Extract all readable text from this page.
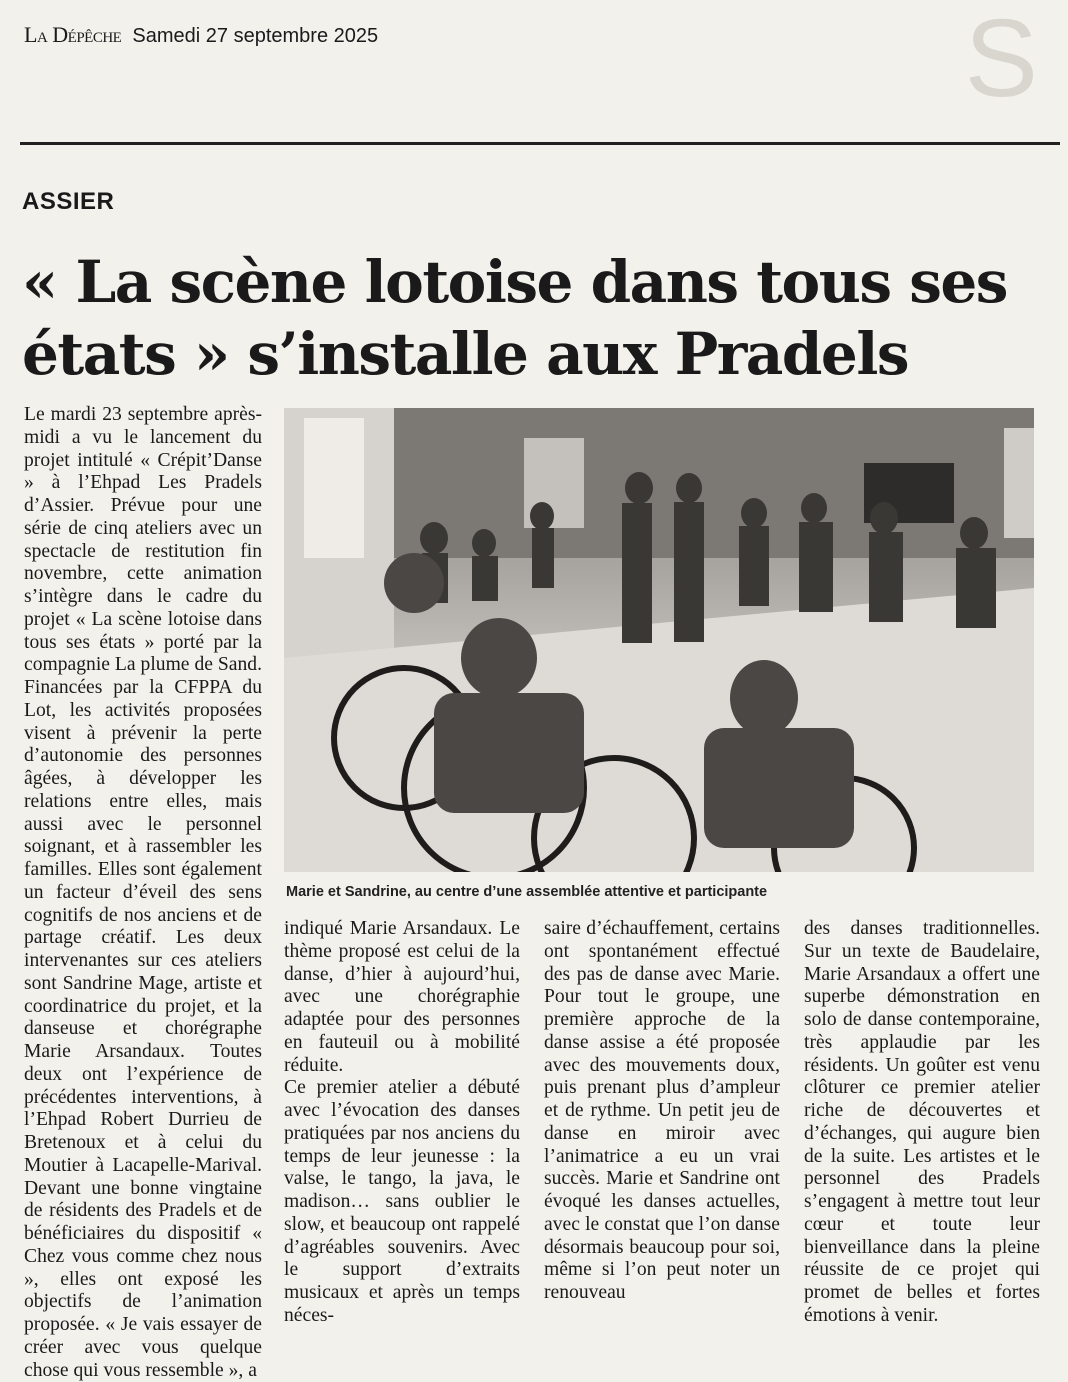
La Dépêche Samedi 27 septembre 2025	S
ASSIER
« La scène lotoise dans tous ses états » s’installe aux Pradels

Le mardi 23 septembre après-midi a vu le lancement du projet intitulé « Crépit’Danse » à l’Ehpad Les Pradels d’Assier. Prévue pour une série de cinq ateliers avec un spectacle de restitution fin novembre, cette animation s’intègre dans le cadre du projet « La scène lotoise dans tous ses états » porté par la compagnie La plume de Sand. Financées par la CFPPA du Lot, les activités proposées visent à prévenir la perte d’autonomie des personnes âgées, à développer les relations entre elles, mais aussi avec le personnel soignant, et à rassembler les familles. Elles sont également un facteur d’éveil des sens cognitifs de nos anciens et de partage créatif. Les deux intervenantes sur ces ateliers sont Sandrine Mage, artiste et coordinatrice du projet, et la danseuse et chorégraphe Marie Arsandaux. Toutes deux ont l’expérience de précédentes interventions, à l’Ehpad Robert Durrieu de Bretenoux et à celui du Moutier à Lacapelle-Marival. Devant une bonne vingtaine de résidents des Pradels et de bénéficiaires du dispositif « Chez vous comme chez nous », elles ont exposé les objectifs de l’animation proposée. « Je vais essayer de créer avec vous quelque chose qui vous ressemble », a

Marie et Sandrine, au centre d’une assemblée attentive et participante

indiqué Marie Arsandaux. Le thème proposé est celui de la danse, d’hier à aujourd’hui, avec une chorégraphie adaptée pour des personnes en fauteuil ou à mobilité réduite.

Ce premier atelier a débuté avec l’évocation des danses pratiquées par nos anciens du temps de leur jeunesse : la valse, le tango, la java, le madison… sans oublier le slow, et beaucoup ont rappelé d’agréables souvenirs. Avec le support d’extraits musicaux et après un temps néces-

saire d’échauffement, certains ont spontanément effectué des pas de danse avec Marie. Pour tout le groupe, une première approche de la danse assise a été proposée avec des mouvements doux, puis prenant plus d’ampleur et de rythme. Un petit jeu de danse en miroir avec l’animatrice a eu un vrai succès. Marie et Sandrine ont évoqué les danses actuelles, avec le constat que l’on danse désormais beaucoup pour soi, même si l’on peut noter un renouveau

des danses traditionnelles. Sur un texte de Baudelaire, Marie Arsandaux a offert une superbe démonstration en solo de danse contemporaine, très applaudie par les résidents. Un goûter est venu clôturer ce premier atelier riche de découvertes et d’échanges, qui augure bien de la suite. Les artistes et le personnel des Pradels s’engagent à mettre tout leur cœur et toute leur bienveillance dans la pleine réussite de ce projet qui promet de belles et fortes émotions à venir.
